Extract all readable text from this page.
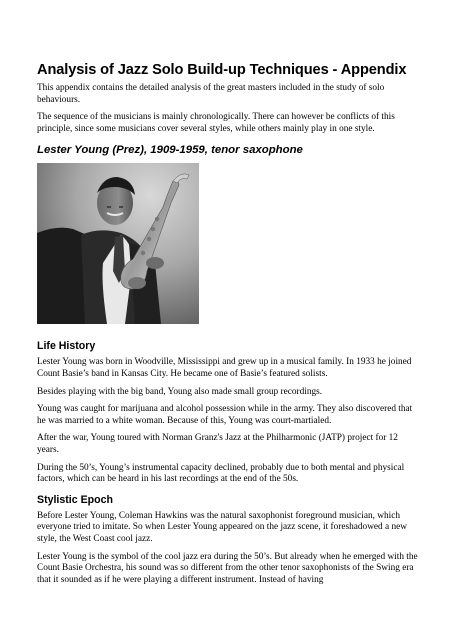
Analysis of Jazz Solo Build-up Techniques - Appendix

This appendix contains the detailed analysis of the great masters included in the study of solo behaviours.

The sequence of the musicians is mainly chronologically. There can however be conflicts of this principle, since some musicians cover several styles, while others mainly play in one style.

Lester Young (Prez), 1909-1959, tenor saxophone
Life History

Lester Young was born in Woodville, Mississippi and grew up in a musical family. In 1933 he joined Count Basie’s band in Kansas City. He became one of Basie’s featured solists.

Besides playing with the big band, Young also made small group recordings.

Young was caught for marijuana and alcohol possession while in the army. They also discovered that he was married to a white woman. Because of this, Young was court-martialed.

After the war, Young toured with Norman Granz's Jazz at the Philharmonic (JATP) project for 12 years.

During the 50’s, Young’s instrumental capacity declined, probably due to both mental and physical factors, which can be heard in his last recordings at the end of the 50s.

Stylistic Epoch

Before Lester Young, Coleman Hawkins was the natural saxophonist foreground musician, which everyone tried to imitate. So when Lester Young appeared on the jazz scene, it foreshadowed a new style, the West Coast cool jazz.

Lester Young is the symbol of the cool jazz era during the 50’s. But already when he emerged with the Count Basie Orchestra, his sound was so different from the other tenor saxophonists of the Swing era that it sounded as if he were playing a different instrument. Instead of having
